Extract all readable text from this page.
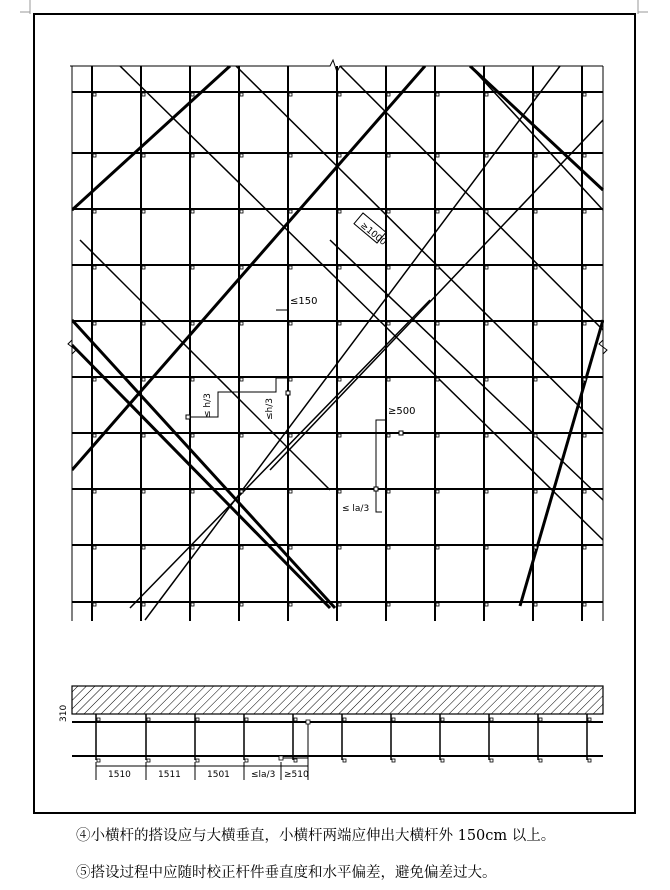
≤150
≤ h/3	≤h/3	≥500
≤ la/3
≥1000
310
1510	1511	1501 ≤la/3 ≥510
④小横杆的搭设应与大横垂直，小横杆两端应伸出大横杆外 150cm 以上。
⑤搭设过程中应随时校正杆件垂直度和水平偏差，避免偏差过大。
